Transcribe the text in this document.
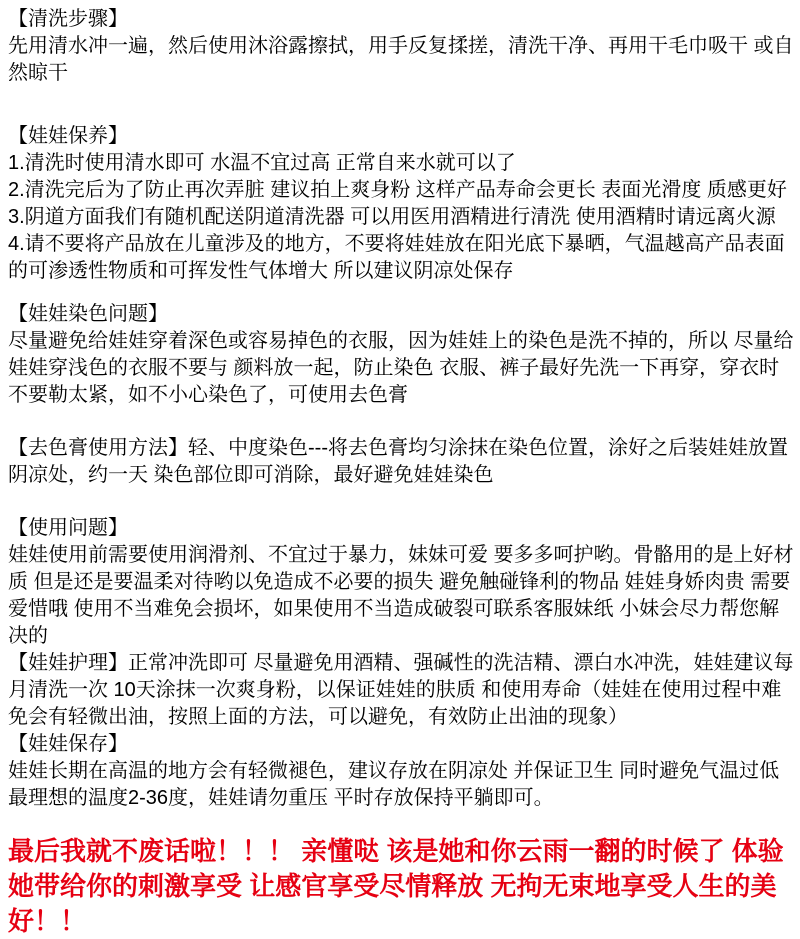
【清洗步骤】

先用清水冲一遍，然后使用沐浴露擦拭，用手反复揉搓，清洗干净、再用干毛巾吸干 或自然晾干

【娃娃保养】

1.清洗时使用清水即可 水温不宜过高 正常自来水就可以了

2.清洗完后为了防止再次弄脏 建议拍上爽身粉 这样产品寿命会更长 表面光滑度 质感更好

3.阴道方面我们有随机配送阴道清洗器 可以用医用酒精进行清洗 使用酒精时请远离火源

4.请不要将产品放在儿童涉及的地方，不要将娃娃放在阳光底下暴晒，气温越高产品表面的可渗透性物质和可挥发性气体增大 所以建议阴凉处保存

【娃娃染色问题】

尽量避免给娃娃穿着深色或容易掉色的衣服，因为娃娃上的染色是洗不掉的，所以 尽量给娃娃穿浅色的衣服不要与 颜料放一起，防止染色 衣服、裤子最好先洗一下再穿，穿衣时不要勒太紧，如不小心染色了，可使用去色膏

【去色膏使用方法】轻、中度染色---将去色膏均匀涂抹在染色位置，涂好之后装娃娃放置阴凉处，约一天 染色部位即可消除，最好避免娃娃染色

【使用问题】

娃娃使用前需要使用润滑剂、不宜过于暴力，妹妹可爱 要多多呵护哟。骨骼用的是上好材质 但是还是要温柔对待哟以免造成不必要的损失 避免触碰锋利的物品 娃娃身娇肉贵 需要爱惜哦 使用不当难免会损坏，如果使用不当造成破裂可联系客服妹纸 小妹会尽力帮您解决的

【娃娃护理】正常冲洗即可 尽量避免用酒精、强碱性的洗洁精、漂白水冲洗，娃娃建议每月清洗一次 10天涂抹一次爽身粉，以保证娃娃的肤质 和使用寿命（娃娃在使用过程中难免会有轻微出油，按照上面的方法，可以避免，有效防止出油的现象）

【娃娃保存】

娃娃长期在高温的地方会有轻微褪色，建议存放在阴凉处 并保证卫生 同时避免气温过低 最理想的温度2-36度，娃娃请勿重压 平时存放保持平躺即可。

最后我就不废话啦！！！ 亲懂哒 该是她和你云雨一翻的时候了 体验她带给你的刺激享受 让感官享受尽情释放 无拘无束地享受人生的美好！！
